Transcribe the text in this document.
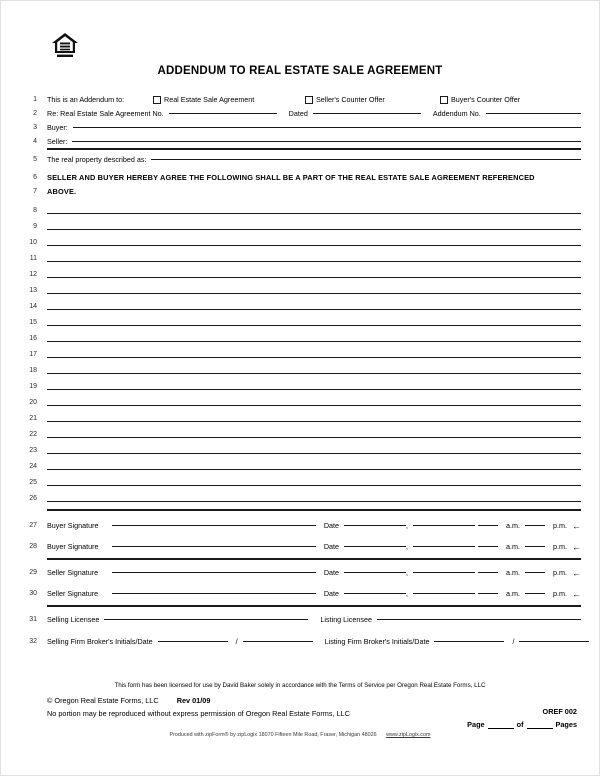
ADDENDUM TO REAL ESTATE SALE AGREEMENT
1 This is an Addendum to:	Real Estate Sale Agreement	Seller's Counter Offer	Buyer's Counter Offer
2 Re: Real Estate Sale Agreement No.	Dated	Addendum No.
3 Buyer:
4 Seller:
5 The real property described as:
6 SELLER AND BUYER HEREBY AGREE THE FOLLOWING SHALL BE A PART OF THE REAL ESTATE SALE AGREEMENT REFERENCED
7 ABOVE.
8
9
10
11
12
13
14
15
16
17
18
19
20
21
22
23
24
25
26
27 Buyer Signature	Date	,	a.m.	p.m. ←
28 Buyer Signature	Date	,	a.m.	p.m. ←
29 Seller Signature	Date	,	a.m.	p.m. ←
30 Seller Signature	Date	,	a.m.	p.m. ←
31 Selling Licensee	Listing Licensee
32 Selling Firm Broker's Initials/Date	/	Listing Firm Broker's Initials/Date	/
This form has been licensed for use by David Baker solely in accordance with the Terms of Service per Oregon Real Estate Forms, LLC
© Oregon Real Estate Forms, LLC Rev 01/09
No portion may be reproduced without express permission of Oregon Real Estate Forms, LLC	OREF 002
Page	of	Pages
Produced with zipForm® by zipLogix 18070 Fifteen Mile Road, Fraser, Michigan 48026 www.zipLogix.com
